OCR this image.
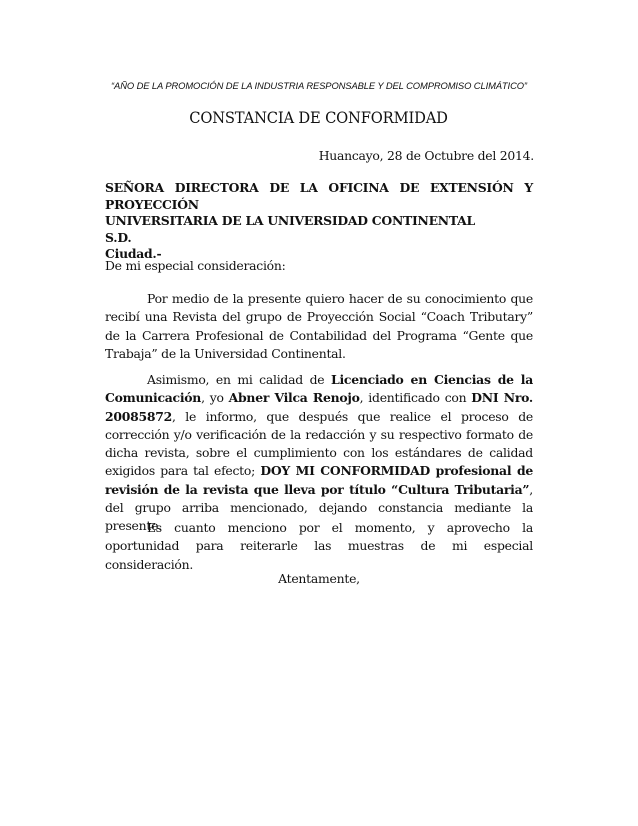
“AÑO DE LA PROMOCIÓN DE LA INDUSTRIA RESPONSABLE Y DEL COMPROMISO CLIMÁTICO”
CONSTANCIA DE CONFORMIDAD
Huancayo, 28 de Octubre del 2014.
SEÑORA DIRECTORA DE LA OFICINA DE EXTENSIÓN Y PROYECCIÓN
UNIVERSITARIA DE LA UNIVERSIDAD CONTINENTAL
S.D.
Ciudad.-
De mi especial consideración:
Por medio de la presente quiero hacer de su conocimiento que recibí una Revista del grupo de Proyección Social “Coach Tributary” de la Carrera Profesional de Contabilidad del Programa “Gente que Trabaja” de la Universidad Continental.
Asimismo, en mi calidad de Licenciado en Ciencias de la Comunicación, yo Abner Vilca Renojo, identificado con DNI Nro. 20085872, le informo, que después que realice el proceso de corrección y/o verificación de la redacción y su respectivo formato de dicha revista, sobre el cumplimiento con los estándares de calidad exigidos para tal efecto; DOY MI CONFORMIDAD profesional de revisión de la revista que lleva por título “Cultura Tributaria”, del grupo arriba mencionado, dejando constancia mediante la presente.
Es cuanto menciono por el momento, y aprovecho la oportunidad para reiterarle las muestras de mi especial consideración.
Atentamente,
